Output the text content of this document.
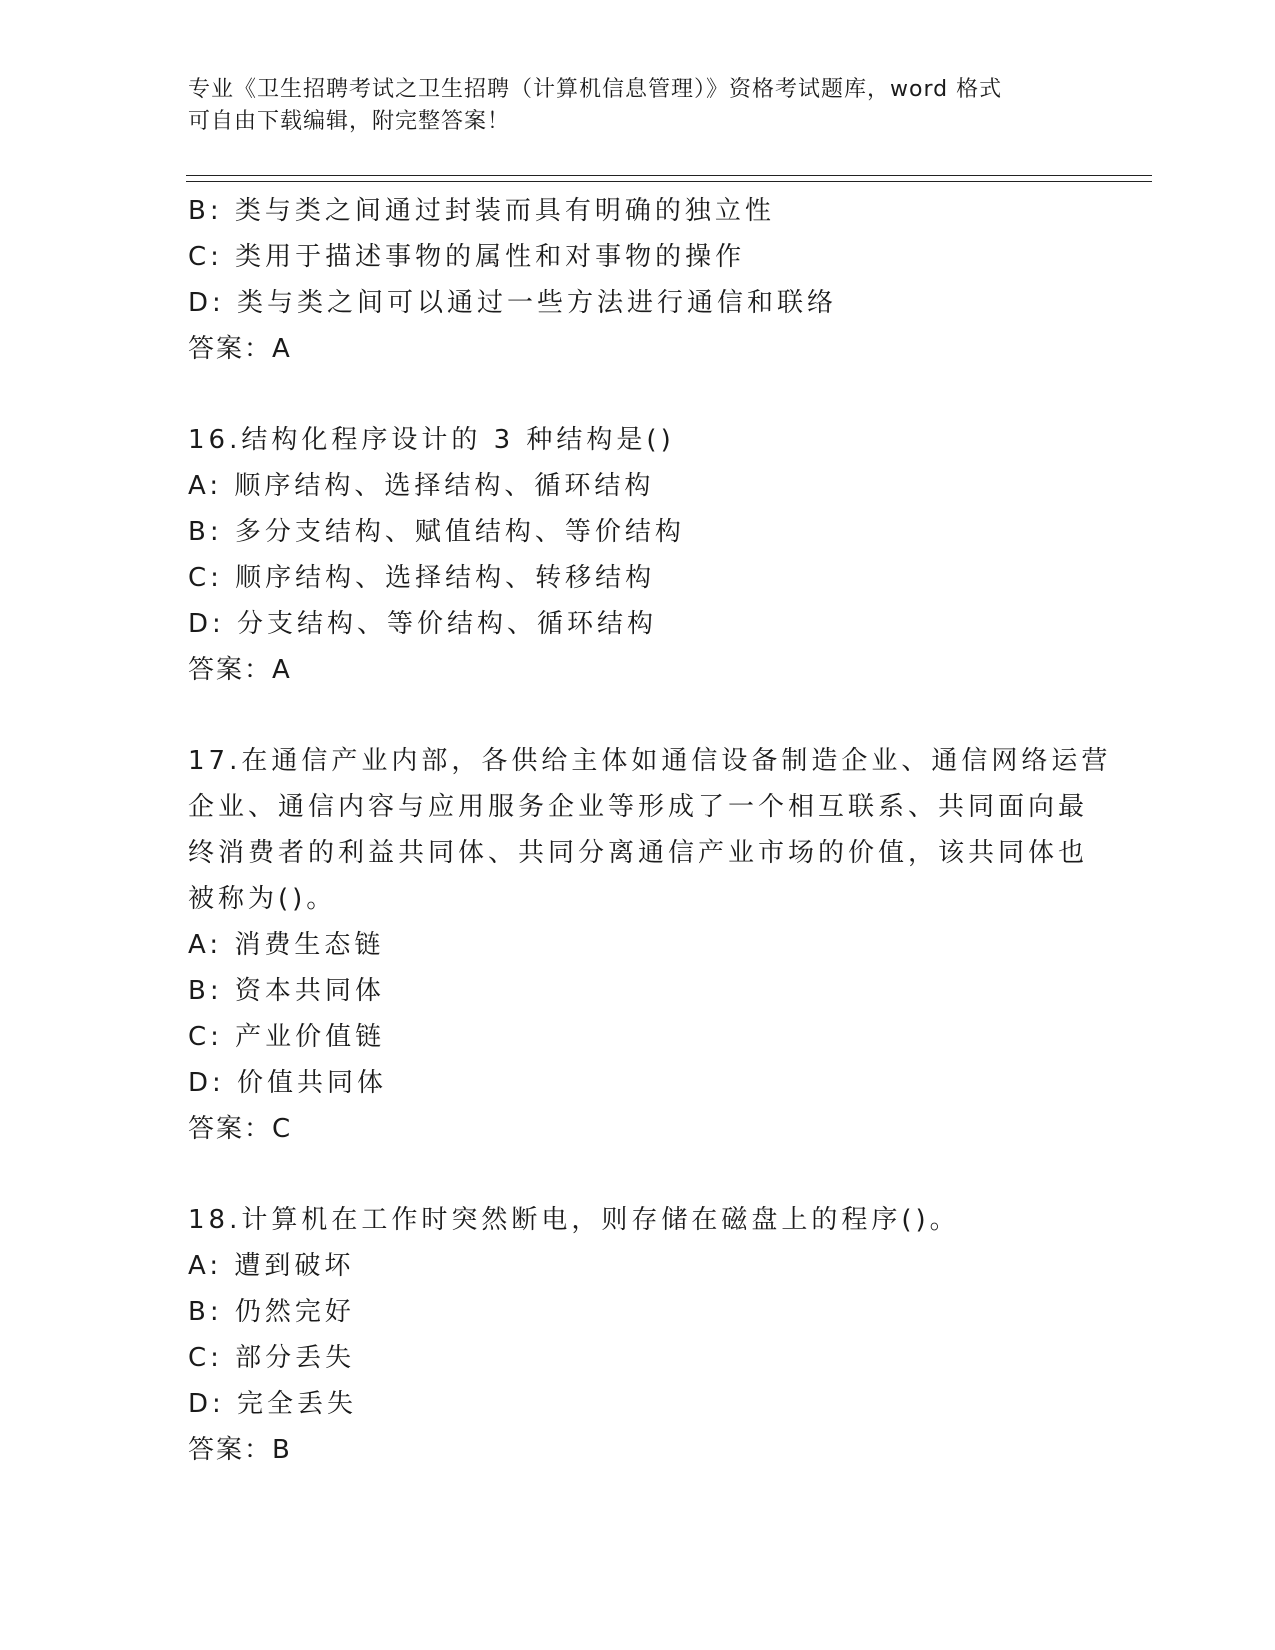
专业《卫生招聘考试之卫生招聘（计算机信息管理）》资格考试题库，word 格式
可自由下载编辑，附完整答案！
B: 类与类之间通过封装而具有明确的独立性
C: 类用于描述事物的属性和对事物的操作
D: 类与类之间可以通过一些方法进行通信和联络
答案：A
16.结构化程序设计的 3 种结构是()
A: 顺序结构、选择结构、循环结构
B: 多分支结构、赋值结构、等价结构
C: 顺序结构、选择结构、转移结构
D: 分支结构、等价结构、循环结构
答案：A
17.在通信产业内部，各供给主体如通信设备制造企业、通信网络运营
企业、通信内容与应用服务企业等形成了一个相互联系、共同面向最
终消费者的利益共同体、共同分离通信产业市场的价值，该共同体也
被称为()。
A: 消费生态链
B: 资本共同体
C: 产业价值链
D: 价值共同体
答案：C
18.计算机在工作时突然断电，则存储在磁盘上的程序()。
A: 遭到破坏
B: 仍然完好
C: 部分丢失
D: 完全丢失
答案：B
